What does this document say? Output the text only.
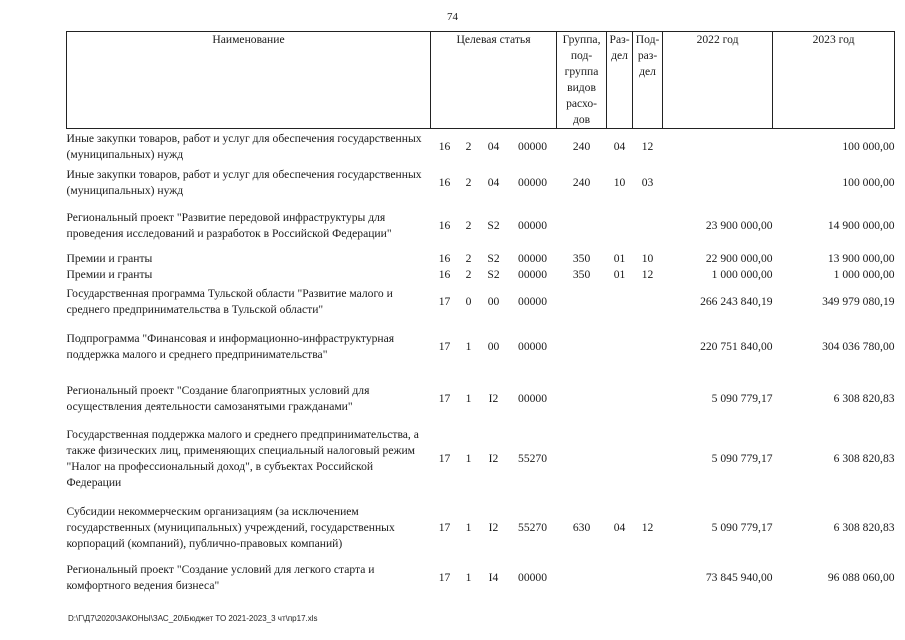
74
Наименование	Целевая статья				Группа, под-группа видов расхо-дов	Раз-дел	Под-раз-дел	2022 год	2023 год
Иные закупки товаров, работ и услуг для обеспечения государственных (муниципальных) нужд	16	2	04	00000	240	04	12		100 000,00
Иные закупки товаров, работ и услуг для обеспечения государственных (муниципальных) нужд	16	2	04	00000	240	10	03		100 000,00
Региональный проект "Развитие передовой инфраструктуры для проведения исследований и разработок в Российской Федерации"	16	2	S2	00000				23 900 000,00	14 900 000,00
Премии и гранты	16	2	S2	00000	350	01	10	22 900 000,00	13 900 000,00
Премии и гранты	16	2	S2	00000	350	01	12	1 000 000,00	1 000 000,00
Государственная программа Тульской области "Развитие малого и среднего предпринимательства в Тульской области"	17	0	00	00000				266 243 840,19	349 979 080,19
Подпрограмма "Финансовая и информационно-инфраструктурная поддержка малого и среднего предпринимательства"	17	1	00	00000				220 751 840,00	304 036 780,00
Региональный проект "Создание благоприятных условий для осуществления деятельности самозанятыми гражданами"	17	1	I2	00000				5 090 779,17	6 308 820,83
Государственная поддержка малого и среднего предпринимательства, а также физических лиц, применяющих специальный налоговый режим "Налог на профессиональный доход", в субъектах Российской Федерации	17	1	I2	55270				5 090 779,17	6 308 820,83
Субсидии некоммерческим организациям (за исключением государственных (муниципальных) учреждений, государственных корпораций (компаний), публично-правовых компаний)	17	1	I2	55270	630	04	12	5 090 779,17	6 308 820,83
Региональный проект "Создание условий для легкого старта и комфортного ведения бизнеса"	17	1	I4	00000				73 845 940,00	96 088 060,00
D:\Г\Д7\2020\ЗАКОНЫ\ЗАС_20\Бюджет ТО 2021-2023_3 чт\пр17.xls
